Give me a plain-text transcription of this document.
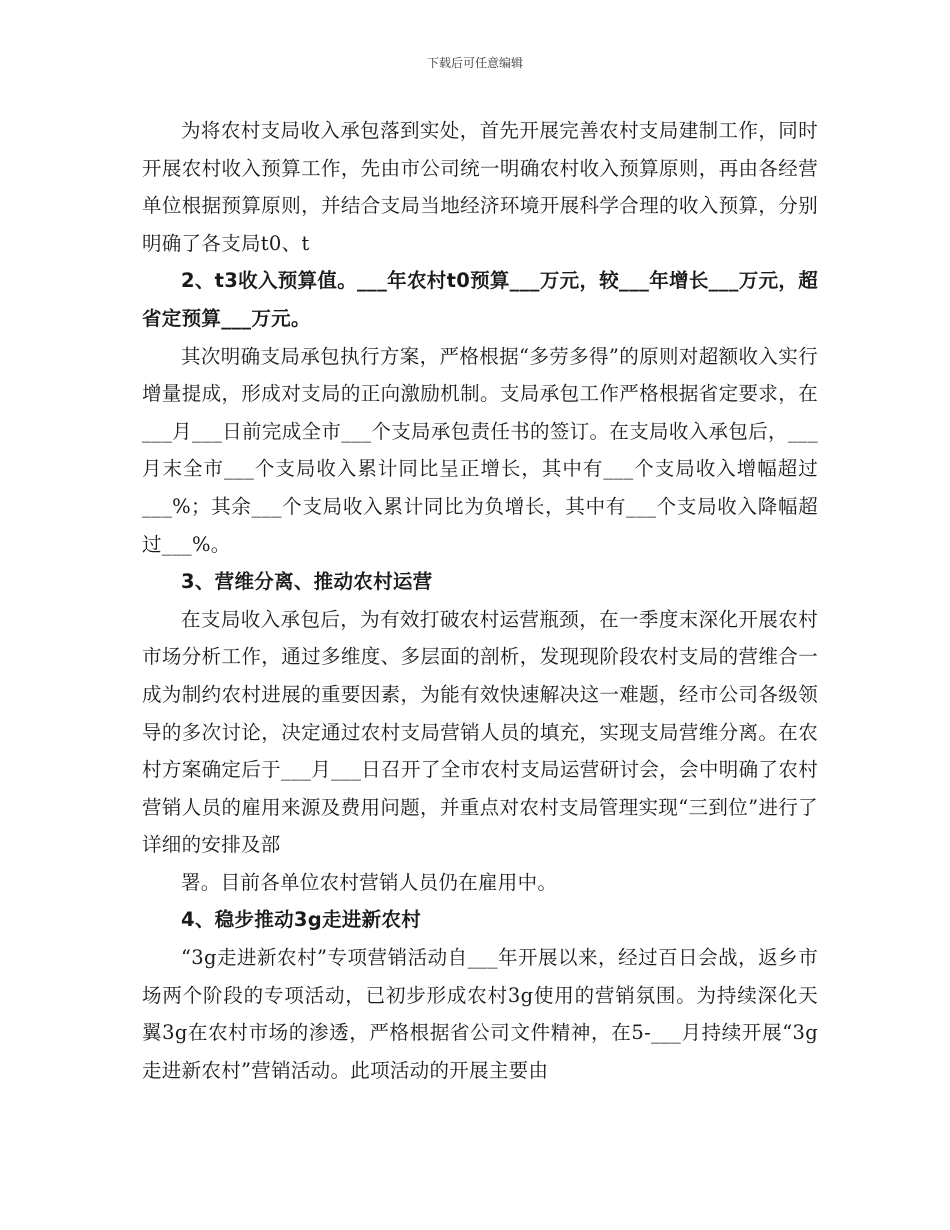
下载后可任意编辑

为将农村支局收入承包落到实处，首先开展完善农村支局建制工作，同时开展农村收入预算工作，先由市公司统一明确农村收入预算原则，再由各经营单位根据预算原则，并结合支局当地经济环境开展科学合理的收入预算，分别明确了各支局t0、t

2、t3收入预算值。___年农村t0预算___万元，较___年增长___万元，超省定预算___万元。

其次明确支局承包执行方案，严格根据“多劳多得”的原则对超额收入实行增量提成，形成对支局的正向激励机制。支局承包工作严格根据省定要求，在___月___日前完成全市___个支局承包责任书的签订。在支局收入承包后，___月末全市___个支局收入累计同比呈正增长，其中有___个支局收入增幅超过___%；其余___个支局收入累计同比为负增长，其中有___个支局收入降幅超过___%。

3、营维分离、推动农村运营

在支局收入承包后，为有效打破农村运营瓶颈，在一季度末深化开展农村市场分析工作，通过多维度、多层面的剖析，发现现阶段农村支局的营维合一成为制约农村进展的重要因素，为能有效快速解决这一难题，经市公司各级领导的多次讨论，决定通过农村支局营销人员的填充，实现支局营维分离。在农村方案确定后于___月___日召开了全市农村支局运营研讨会，会中明确了农村营销人员的雇用来源及费用问题，并重点对农村支局管理实现“三到位”进行了详细的安排及部

署。目前各单位农村营销人员仍在雇用中。

4、稳步推动3g走进新农村

“3g走进新农村”专项营销活动自___年开展以来，经过百日会战，返乡市场两个阶段的专项活动，已初步形成农村3g使用的营销氛围。为持续深化天翼3g在农村市场的渗透，严格根据省公司文件精神，在5-___月持续开展“3g走进新农村”营销活动。此项活动的开展主要由
